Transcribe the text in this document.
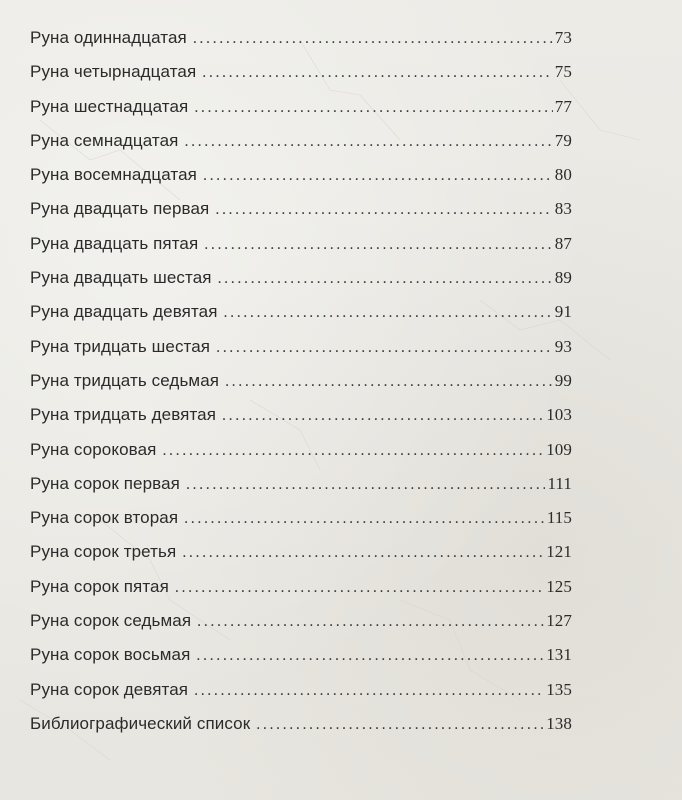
Руна одиннадцатая . . .	73
Руна четырнадцатая . . .	75
Руна шестнадцатая . . .	77
Руна семнадцатая . . .	79
Руна восемнадцатая . . .	80
Руна двадцать первая . . .	83
Руна двадцать пятая . . .	87
Руна двадцать шестая . . .	89
Руна двадцать девятая . . .	91
Руна тридцать шестая . . .	93
Руна тридцать седьмая . . .	99
Руна тридцать девятая . . .	103
Руна сороковая . . .	109
Руна сорок первая . . .	111
Руна сорок вторая . . .	115
Руна сорок третья . . .	121
Руна сорок пятая . . .	125
Руна сорок седьмая . . .	127
Руна сорок восьмая . . .	131
Руна сорок девятая . . .	135
Библиографический список . . .	138
